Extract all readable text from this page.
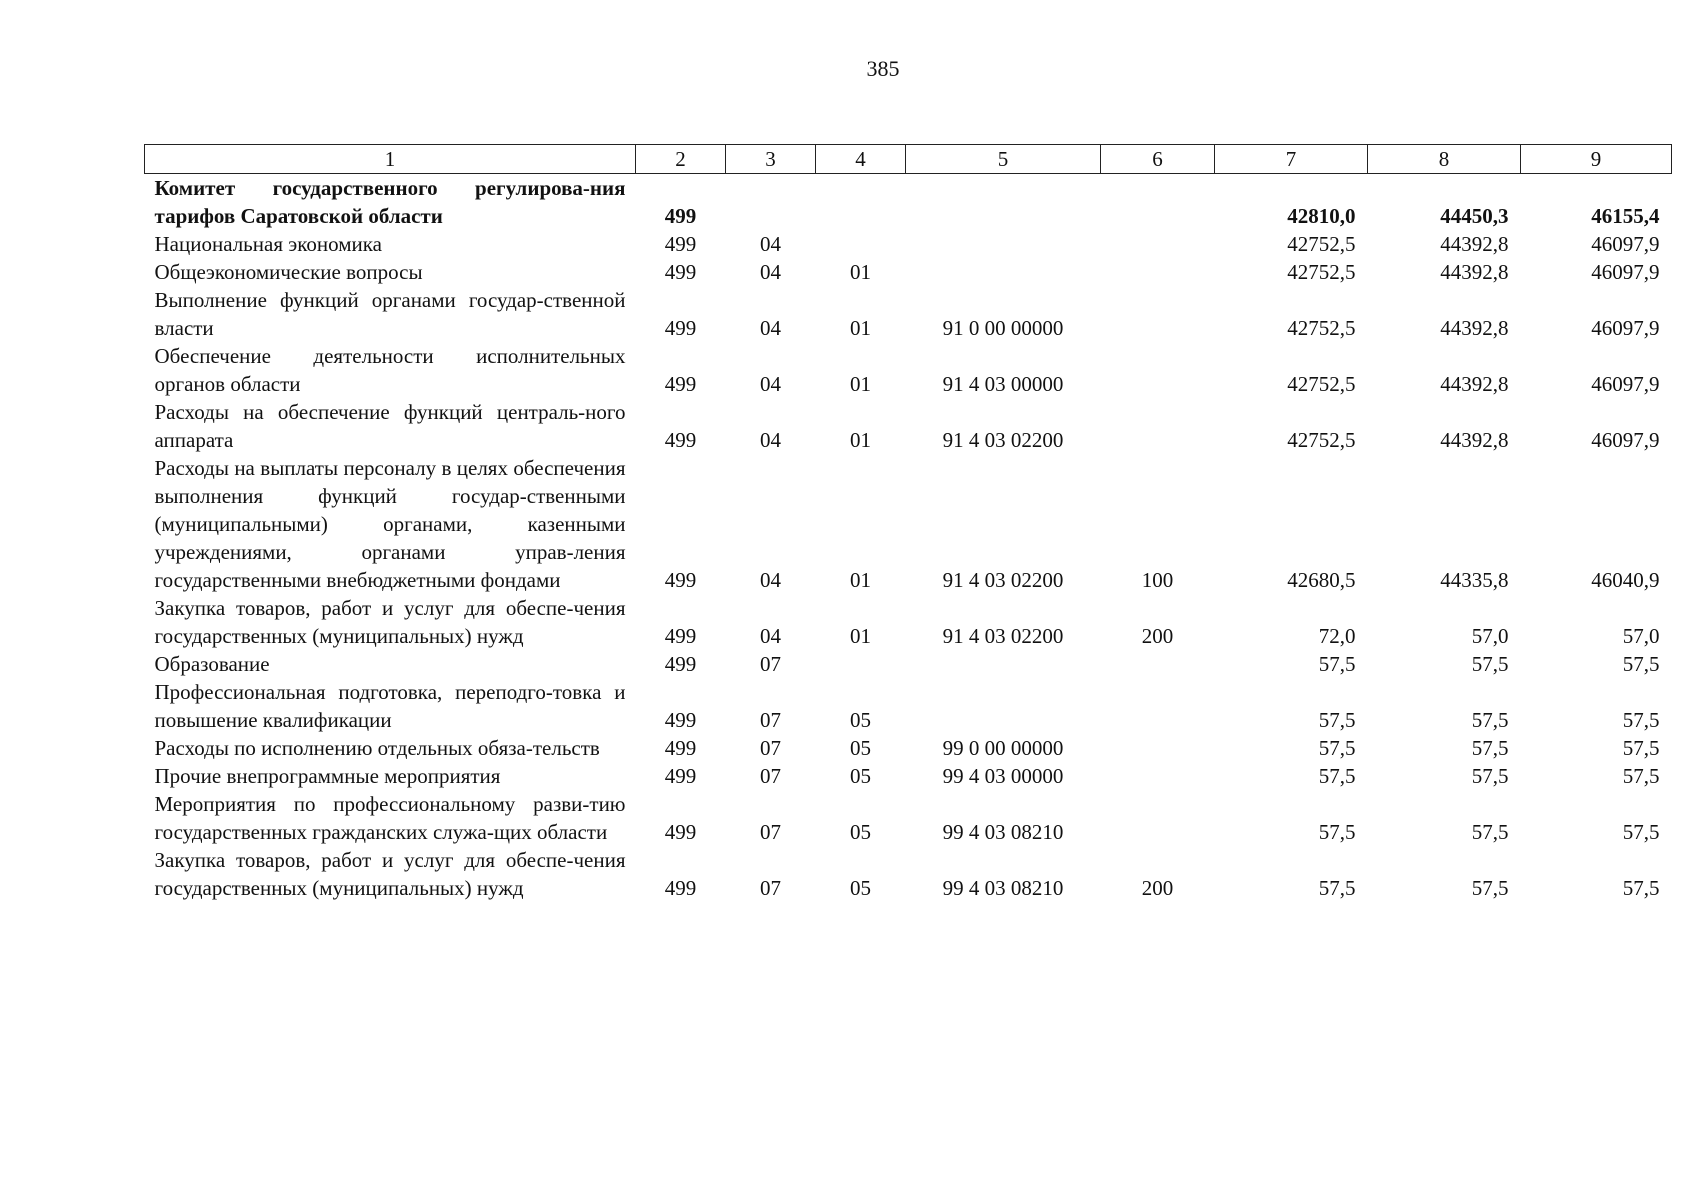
385
1	2	3	4	5	6	7	8	9
Комитет государственного регулирова-ния тарифов Саратовской области	499					42810,0	44450,3	46155,4
Национальная экономика	499	04				42752,5	44392,8	46097,9
Общеэкономические вопросы	499	04	01			42752,5	44392,8	46097,9
Выполнение функций органами государ-ственной власти	499	04	01	91 0 00 00000		42752,5	44392,8	46097,9
Обеспечение деятельности исполнительных органов области	499	04	01	91 4 03 00000		42752,5	44392,8	46097,9
Расходы на обеспечение функций централь-ного аппарата	499	04	01	91 4 03 02200		42752,5	44392,8	46097,9
Расходы на выплаты персоналу в целях обеспечения выполнения функций государ-ственными (муниципальными) органами, казенными учреждениями, органами управ-ления государственными внебюджетными фондами	499	04	01	91 4 03 02200	100	42680,5	44335,8	46040,9
Закупка товаров, работ и услуг для обеспе-чения государственных (муниципальных) нужд	499	04	01	91 4 03 02200	200	72,0	57,0	57,0
Образование	499	07				57,5	57,5	57,5
Профессиональная подготовка, переподго-товка и повышение квалификации	499	07	05			57,5	57,5	57,5
Расходы по исполнению отдельных обяза-тельств	499	07	05	99 0 00 00000		57,5	57,5	57,5
Прочие внепрограммные мероприятия	499	07	05	99 4 03 00000		57,5	57,5	57,5
Мероприятия по профессиональному разви-тию государственных гражданских служа-щих области	499	07	05	99 4 03 08210		57,5	57,5	57,5
Закупка товаров, работ и услуг для обеспе-чения государственных (муниципальных) нужд	499	07	05	99 4 03 08210	200	57,5	57,5	57,5
